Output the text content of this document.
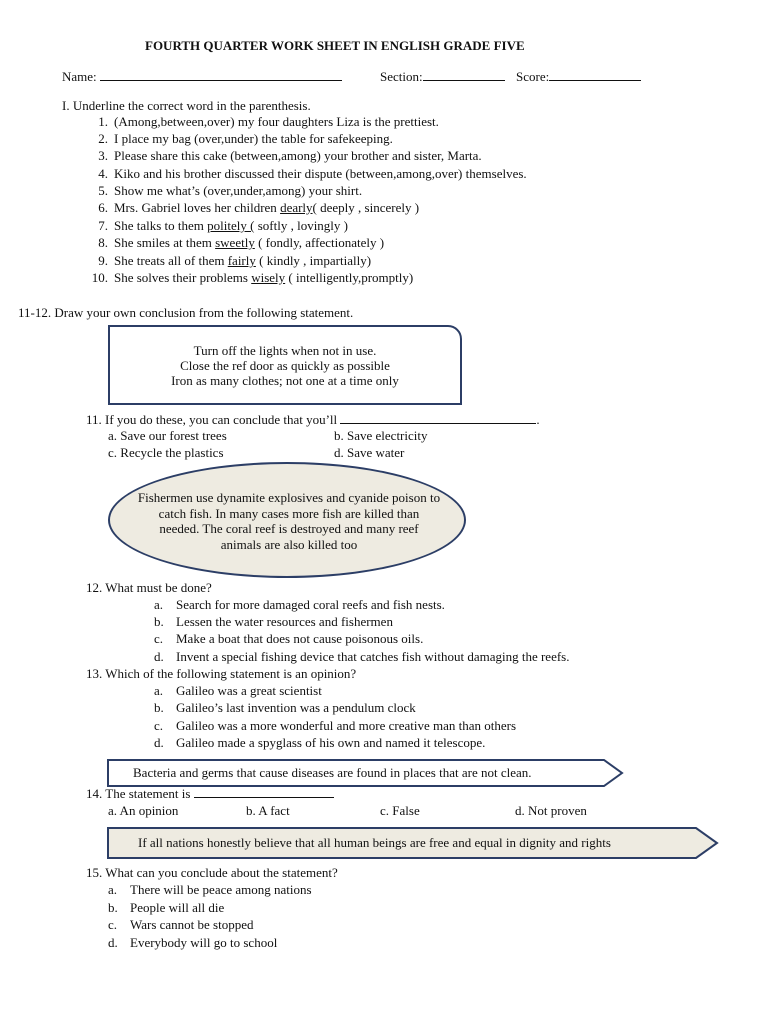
FOURTH QUARTER WORK SHEET IN ENGLISH GRADE FIVE
Name:	Section:	Score:
I. Underline the correct word in the parenthesis.
1. (Among,between,over) my four daughters Liza is the prettiest.
2. I place my bag (over,under) the table for safekeeping.
3. Please share this cake (between,among) your brother and sister, Marta.
4. Kiko and his brother discussed their dispute (between,among,over) themselves.
5. Show me what’s (over,under,among) your shirt.
6. Mrs. Gabriel loves her children dearly( deeply , sincerely )
7. She talks to them politely ( softly , lovingly )
8. She smiles at them sweetly ( fondly, affectionately )
9. She treats all of them fairly ( kindly , impartially)
10. She solves their problems wisely ( intelligently,promptly)
11-12. Draw your own conclusion from the following statement.
Turn off the lights when not in use.
Close the ref door as quickly as possible
Iron as many clothes; not one at a time only
11. If you do these, you can conclude that you’ll	.
a. Save our forest trees	b. Save electricity
c. Recycle the plastics	d. Save water
Fishermen use dynamite explosives and cyanide poison to
catch fish. In many cases more fish are killed than
needed. The coral reef is destroyed and many reef
animals are also killed too
12. What must be done?
a. Search for more damaged coral reefs and fish nests.
b. Lessen the water resources and fishermen
c. Make a boat that does not cause poisonous oils.
d. Invent a special fishing device that catches fish without damaging the reefs.
13. Which of the following statement is an opinion?
a. Galileo was a great scientist
b. Galileo’s last invention was a pendulum clock
c. Galileo was a more wonderful and more creative man than others
d. Galileo made a spyglass of his own and named it telescope.
Bacteria and germs that cause diseases are found in places that are not clean.
14. The statement is
a. An opinion	b. A fact	c. False	d. Not proven
If all nations honestly believe that all human beings are free and equal in dignity and rights
15. What can you conclude about the statement?
a. There will be peace among nations
b. People will all die
c. Wars cannot be stopped
d. Everybody will go to school
